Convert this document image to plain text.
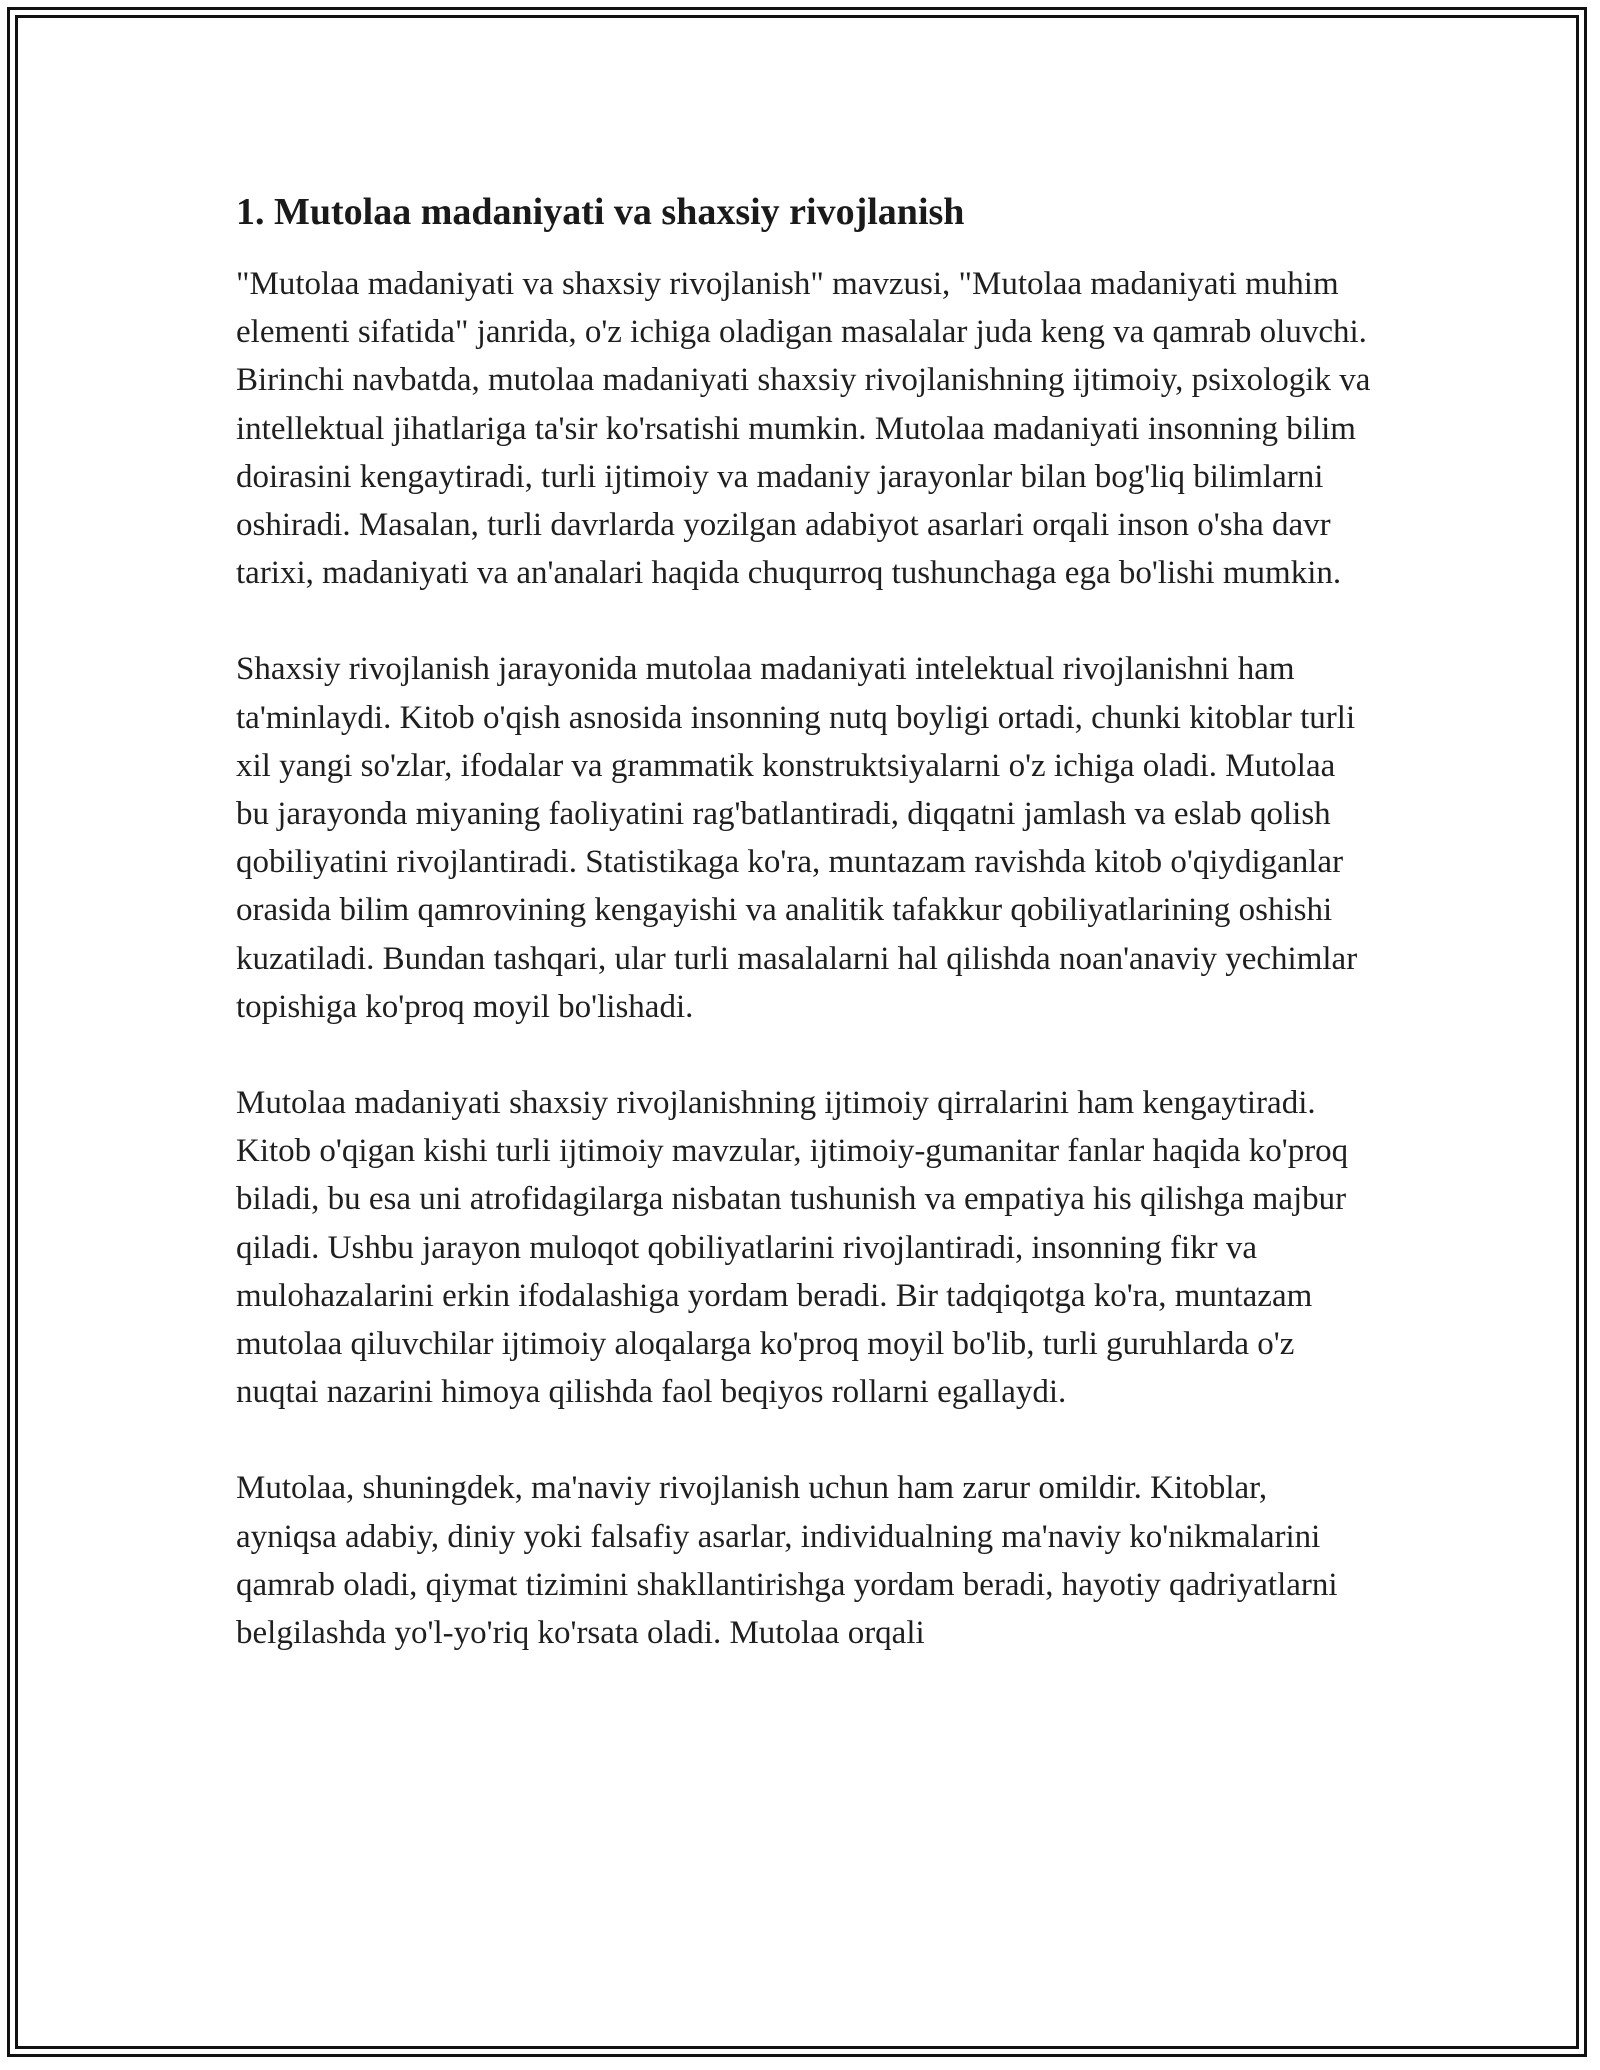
1. Mutolaa madaniyati va shaxsiy rivojlanish

"Mutolaa madaniyati va shaxsiy rivojlanish" mavzusi, "Mutolaa madaniyati muhim elementi sifatida" janrida, o'z ichiga oladigan masalalar juda keng va qamrab oluvchi. Birinchi navbatda, mutolaa madaniyati shaxsiy rivojlanishning ijtimoiy, psixologik va intellektual jihatlariga ta'sir ko'rsatishi mumkin. Mutolaa madaniyati insonning bilim doirasini kengaytiradi, turli ijtimoiy va madaniy jarayonlar bilan bog'liq bilimlarni oshiradi. Masalan, turli davrlarda yozilgan adabiyot asarlari orqali inson o'sha davr tarixi, madaniyati va an'analari haqida chuqurroq tushunchaga ega bo'lishi mumkin.

Shaxsiy rivojlanish jarayonida mutolaa madaniyati intelektual rivojlanishni ham ta'minlaydi. Kitob o'qish asnosida insonning nutq boyligi ortadi, chunki kitoblar turli xil yangi so'zlar, ifodalar va grammatik konstruktsiyalarni o'z ichiga oladi. Mutolaa bu jarayonda miyaning faoliyatini rag'batlantiradi, diqqatni jamlash va eslab qolish qobiliyatini rivojlantiradi. Statistikaga ko'ra, muntazam ravishda kitob o'qiydiganlar orasida bilim qamrovining kengayishi va analitik tafakkur qobiliyatlarining oshishi kuzatiladi. Bundan tashqari, ular turli masalalarni hal qilishda noan'anaviy yechimlar topishiga ko'proq moyil bo'lishadi.

Mutolaa madaniyati shaxsiy rivojlanishning ijtimoiy qirralarini ham kengaytiradi. Kitob o'qigan kishi turli ijtimoiy mavzular, ijtimoiy-gumanitar fanlar haqida ko'proq biladi, bu esa uni atrofidagilarga nisbatan tushunish va empatiya his qilishga majbur qiladi. Ushbu jarayon muloqot qobiliyatlarini rivojlantiradi, insonning fikr va mulohazalarini erkin ifodalashiga yordam beradi. Bir tadqiqotga ko'ra, muntazam mutolaa qiluvchilar ijtimoiy aloqalarga ko'proq moyil bo'lib, turli guruhlarda o'z nuqtai nazarini himoya qilishda faol beqiyos rollarni egallaydi.

Mutolaa, shuningdek, ma'naviy rivojlanish uchun ham zarur omildir. Kitoblar, ayniqsa adabiy, diniy yoki falsafiy asarlar, individualning ma'naviy ko'nikmalarini qamrab oladi, qiymat tizimini shakllantirishga yordam beradi, hayotiy qadriyatlarni belgilashda yo'l-yo'riq ko'rsata oladi. Mutolaa orqali
